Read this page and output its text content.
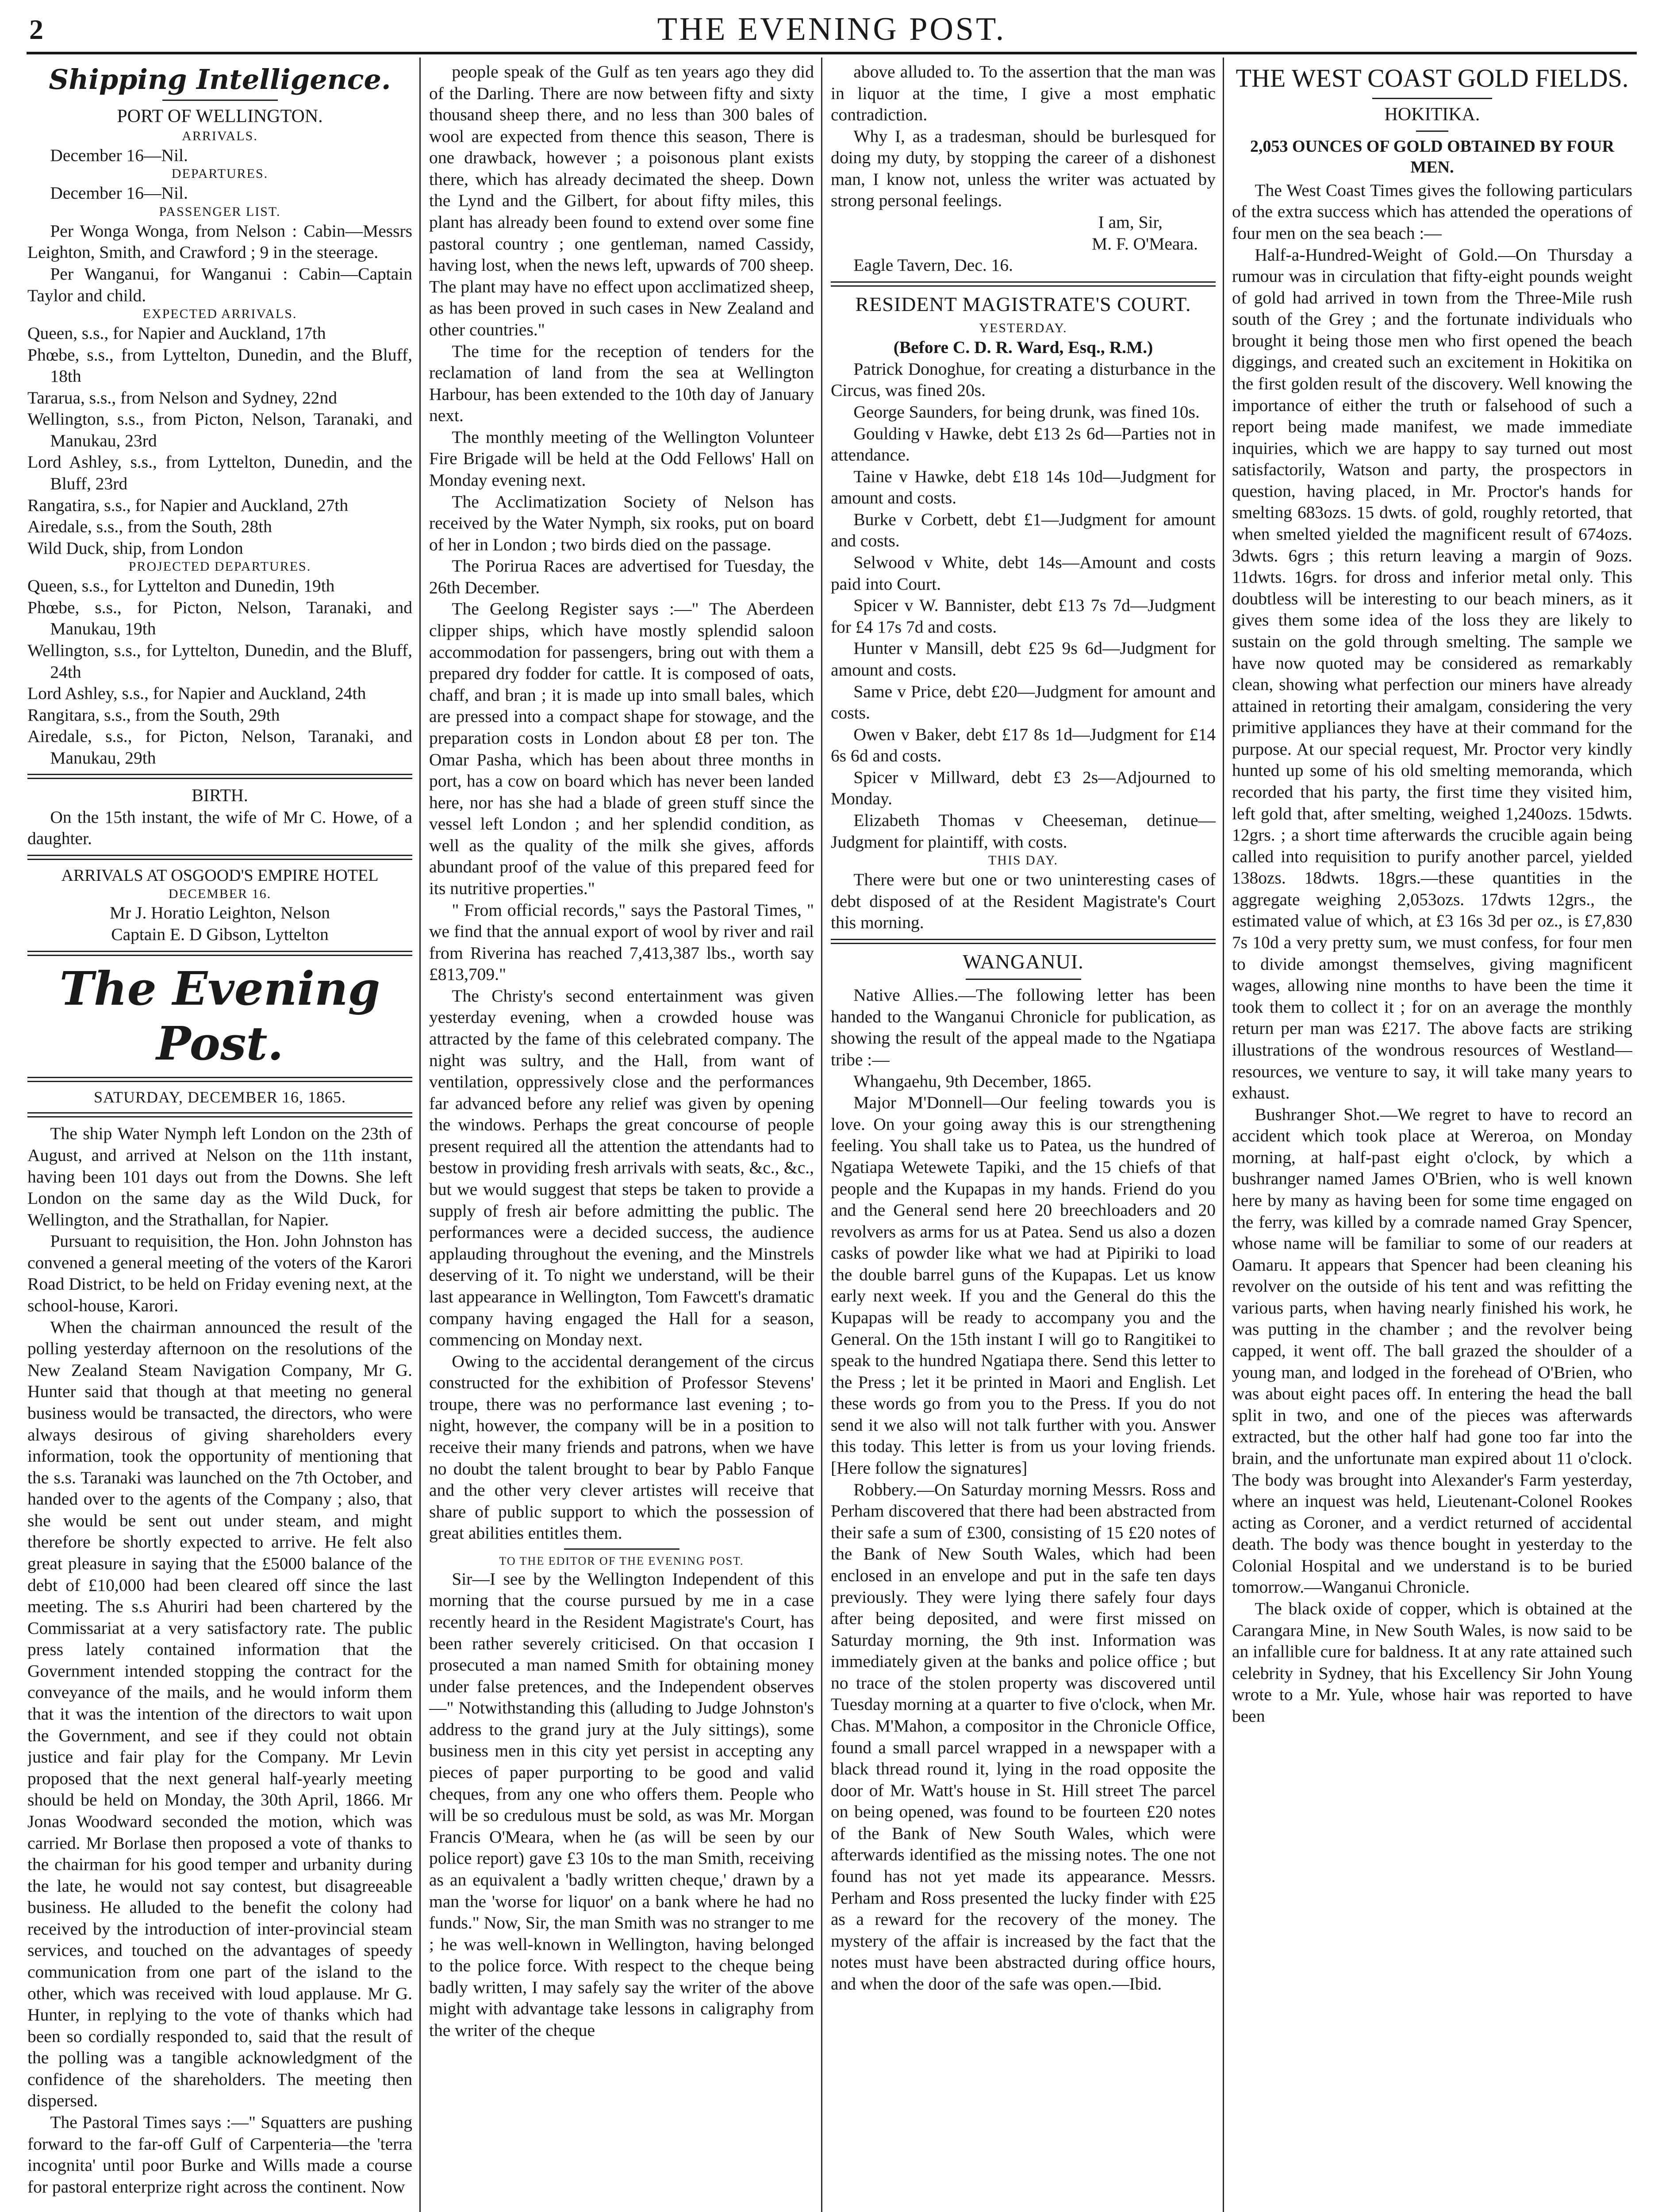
2	THE EVENING POST.
Shipping Intelligence.
PORT OF WELLINGTON.
ARRIVALS.

December 16—Nil.

DEPARTURES.

December 16—Nil.

PASSENGER LIST.

Per Wonga Wonga, from Nelson : Cabin—Messrs Leighton, Smith, and Crawford ; 9 in the steerage.

Per Wanganui, for Wanganui : Cabin—Captain Taylor and child.

EXPECTED ARRIVALS.

Queen, s.s., for Napier and Auckland, 17th

Phœbe, s.s., from Lyttelton, Dunedin, and the Bluff, 18th

Tararua, s.s., from Nelson and Sydney, 22nd

Wellington, s.s., from Picton, Nelson, Taranaki, and Manukau, 23rd

Lord Ashley, s.s., from Lyttelton, Dunedin, and the Bluff, 23rd

Rangatira, s.s., for Napier and Auckland, 27th

Airedale, s.s., from the South, 28th

Wild Duck, ship, from London

PROJECTED DEPARTURES.

Queen, s.s., for Lyttelton and Dunedin, 19th

Phœbe, s.s., for Picton, Nelson, Taranaki, and Manukau, 19th

Wellington, s.s., for Lyttelton, Dunedin, and the Bluff, 24th

Lord Ashley, s.s., for Napier and Auckland, 24th

Rangitara, s.s., from the South, 29th

Airedale, s.s., for Picton, Nelson, Taranaki, and Manukau, 29th

BIRTH.

On the 15th instant, the wife of Mr C. Howe, of a daughter.

ARRIVALS AT OSGOOD'S EMPIRE HOTEL
DECEMBER 16.

Mr J. Horatio Leighton, Nelson

Captain E. D Gibson, Lyttelton

The Evening Post.
SATURDAY, DECEMBER 16, 1865.

The ship Water Nymph left London on the 23th of August, and arrived at Nelson on the 11th instant, having been 101 days out from the Downs. She left London on the same day as the Wild Duck, for Wellington, and the Strathallan, for Napier.

Pursuant to requisition, the Hon. John Johnston has convened a general meeting of the voters of the Karori Road District, to be held on Friday evening next, at the school-house, Karori.

When the chairman announced the result of the polling yesterday afternoon on the resolutions of the New Zealand Steam Navigation Company, Mr G. Hunter said that though at that meeting no general business would be transacted, the directors, who were always desirous of giving shareholders every information, took the opportunity of mentioning that the s.s. Taranaki was launched on the 7th October, and handed over to the agents of the Company ; also, that she would be sent out under steam, and might therefore be shortly expected to arrive. He felt also great pleasure in saying that the £5000 balance of the debt of £10,000 had been cleared off since the last meeting. The s.s Ahuriri had been chartered by the Commissariat at a very satisfactory rate. The public press lately contained information that the Government intended stopping the contract for the conveyance of the mails, and he would inform them that it was the intention of the directors to wait upon the Government, and see if they could not obtain justice and fair play for the Company. Mr Levin proposed that the next general half-yearly meeting should be held on Monday, the 30th April, 1866. Mr Jonas Woodward seconded the motion, which was carried. Mr Borlase then proposed a vote of thanks to the chairman for his good temper and urbanity during the late, he would not say contest, but disagreeable business. He alluded to the benefit the colony had received by the introduction of inter-provincial steam services, and touched on the advantages of speedy communication from one part of the island to the other, which was received with loud applause. Mr G. Hunter, in replying to the vote of thanks which had been so cordially responded to, said that the result of the polling was a tangible acknowledgment of the confidence of the shareholders. The meeting then dispersed.

The Pastoral Times says :—" Squatters are pushing forward to the far-off Gulf of Carpenteria—the 'terra incognita' until poor Burke and Wills made a course for pastoral enterprize right across the continent. Now

people speak of the Gulf as ten years ago they did of the Darling. There are now between fifty and sixty thousand sheep there, and no less than 300 bales of wool are expected from thence this season, There is one drawback, however ; a poisonous plant exists there, which has already decimated the sheep. Down the Lynd and the Gilbert, for about fifty miles, this plant has already been found to extend over some fine pastoral country ; one gentleman, named Cassidy, having lost, when the news left, upwards of 700 sheep. The plant may have no effect upon acclimatized sheep, as has been proved in such cases in New Zealand and other countries."

The time for the reception of tenders for the reclamation of land from the sea at Wellington Harbour, has been extended to the 10th day of January next.

The monthly meeting of the Wellington Volunteer Fire Brigade will be held at the Odd Fellows' Hall on Monday evening next.

The Acclimatization Society of Nelson has received by the Water Nymph, six rooks, put on board of her in London ; two birds died on the passage.

The Porirua Races are advertised for Tuesday, the 26th December.

The Geelong Register says :—" The Aberdeen clipper ships, which have mostly splendid saloon accommodation for passengers, bring out with them a prepared dry fodder for cattle. It is composed of oats, chaff, and bran ; it is made up into small bales, which are pressed into a compact shape for stowage, and the preparation costs in London about £8 per ton. The Omar Pasha, which has been about three months in port, has a cow on board which has never been landed here, nor has she had a blade of green stuff since the vessel left London ; and her splendid condition, as well as the quality of the milk she gives, affords abundant proof of the value of this prepared feed for its nutritive properties."

" From official records," says the Pastoral Times, " we find that the annual export of wool by river and rail from Riverina has reached 7,413,387 lbs., worth say £813,709."

The Christy's second entertainment was given yesterday evening, when a crowded house was attracted by the fame of this celebrated company. The night was sultry, and the Hall, from want of ventilation, oppressively close and the performances far advanced before any relief was given by opening the windows. Perhaps the great concourse of people present required all the attention the attendants had to bestow in providing fresh arrivals with seats, &c., &c., but we would suggest that steps be taken to provide a supply of fresh air before admitting the public. The performances were a decided success, the audience applauding throughout the evening, and the Minstrels deserving of it. To night we understand, will be their last appearance in Wellington, Tom Fawcett's dramatic company having engaged the Hall for a season, commencing on Monday next.

Owing to the accidental derangement of the circus constructed for the exhibition of Professor Stevens' troupe, there was no performance last evening ; to-night, however, the company will be in a position to receive their many friends and patrons, when we have no doubt the talent brought to bear by Pablo Fanque and the other very clever artistes will receive that share of public support to which the possession of great abilities entitles them.

TO THE EDITOR OF THE EVENING POST.

Sir—I see by the Wellington Independent of this morning that the course pursued by me in a case recently heard in the Resident Magistrate's Court, has been rather severely criticised. On that occasion I prosecuted a man named Smith for obtaining money under false pretences, and the Independent observes —" Notwithstanding this (alluding to Judge Johnston's address to the grand jury at the July sittings), some business men in this city yet persist in accepting any pieces of paper purporting to be good and valid cheques, from any one who offers them. People who will be so credulous must be sold, as was Mr. Morgan Francis O'Meara, when he (as will be seen by our police report) gave £3 10s to the man Smith, receiving as an equivalent a 'badly written cheque,' drawn by a man the 'worse for liquor' on a bank where he had no funds." Now, Sir, the man Smith was no stranger to me ; he was well-known in Wellington, having belonged to the police force. With respect to the cheque being badly written, I may safely say the writer of the above might with advantage take lessons in caligraphy from the writer of the cheque

above alluded to. To the assertion that the man was in liquor at the time, I give a most emphatic contradiction.

Why I, as a tradesman, should be burlesqued for doing my duty, by stopping the career of a dishonest man, I know not, unless the writer was actuated by strong personal feelings.

I am, Sir,
M. F. O'Meara.

Eagle Tavern, Dec. 16.

RESIDENT MAGISTRATE'S COURT.
YESTERDAY.
(Before C. D. R. Ward, Esq., R.M.)

Patrick Donoghue, for creating a disturbance in the Circus, was fined 20s.

George Saunders, for being drunk, was fined 10s.

Goulding v Hawke, debt £13 2s 6d—Parties not in attendance.

Taine v Hawke, debt £18 14s 10d—Judgment for amount and costs.

Burke v Corbett, debt £1—Judgment for amount and costs.

Selwood v White, debt 14s—Amount and costs paid into Court.

Spicer v W. Bannister, debt £13 7s 7d—Judgment for £4 17s 7d and costs.

Hunter v Mansill, debt £25 9s 6d—Judgment for amount and costs.

Same v Price, debt £20—Judgment for amount and costs.

Owen v Baker, debt £17 8s 1d—Judgment for £14 6s 6d and costs.

Spicer v Millward, debt £3 2s—Adjourned to Monday.

Elizabeth Thomas v Cheeseman, detinue—Judgment for plaintiff, with costs.

THIS DAY.

There were but one or two uninteresting cases of debt disposed of at the Resident Magistrate's Court this morning.

WANGANUI.

Native Allies.—The following letter has been handed to the Wanganui Chronicle for publication, as showing the result of the appeal made to the Ngatiapa tribe :—

Whangaehu, 9th December, 1865.

Major M'Donnell—Our feeling towards you is love. On your going away this is our strengthening feeling. You shall take us to Patea, us the hundred of Ngatiapa Wetewete Tapiki, and the 15 chiefs of that people and the Kupapas in my hands. Friend do you and the General send here 20 breechloaders and 20 revolvers as arms for us at Patea. Send us also a dozen casks of powder like what we had at Pipiriki to load the double barrel guns of the Kupapas. Let us know early next week. If you and the General do this the Kupapas will be ready to accompany you and the General. On the 15th instant I will go to Rangitikei to speak to the hundred Ngatiapa there. Send this letter to the Press ; let it be printed in Maori and English. Let these words go from you to the Press. If you do not send it we also will not talk further with you. Answer this today. This letter is from us your loving friends. [Here follow the signatures]

Robbery.—On Saturday morning Messrs. Ross and Perham discovered that there had been abstracted from their safe a sum of £300, consisting of 15 £20 notes of the Bank of New South Wales, which had been enclosed in an envelope and put in the safe ten days previously. They were lying there safely four days after being deposited, and were first missed on Saturday morning, the 9th inst. Information was immediately given at the banks and police office ; but no trace of the stolen property was discovered until Tuesday morning at a quarter to five o'clock, when Mr. Chas. M'Mahon, a compositor in the Chronicle Office, found a small parcel wrapped in a newspaper with a black thread round it, lying in the road opposite the door of Mr. Watt's house in St. Hill street The parcel on being opened, was found to be fourteen £20 notes of the Bank of New South Wales, which were afterwards identified as the missing notes. The one not found has not yet made its appearance. Messrs. Perham and Ross presented the lucky finder with £25 as a reward for the recovery of the money. The mystery of the affair is increased by the fact that the notes must have been abstracted during office hours, and when the door of the safe was open.—Ibid.

THE WEST COAST GOLD FIELDS.
HOKITIKA.
2,053 OUNCES OF GOLD OBTAINED BY FOUR MEN.

The West Coast Times gives the following particulars of the extra success which has attended the operations of four men on the sea beach :—

Half-a-Hundred-Weight of Gold.—On Thursday a rumour was in circulation that fifty-eight pounds weight of gold had arrived in town from the Three-Mile rush south of the Grey ; and the fortunate individuals who brought it being those men who first opened the beach diggings, and created such an excitement in Hokitika on the first golden result of the discovery. Well knowing the importance of either the truth or falsehood of such a report being made manifest, we made immediate inquiries, which we are happy to say turned out most satisfactorily, Watson and party, the prospectors in question, having placed, in Mr. Proctor's hands for smelting 683ozs. 15 dwts. of gold, roughly retorted, that when smelted yielded the magnificent result of 674ozs. 3dwts. 6grs ; this return leaving a margin of 9ozs. 11dwts. 16grs. for dross and inferior metal only. This doubtless will be interesting to our beach miners, as it gives them some idea of the loss they are likely to sustain on the gold through smelting. The sample we have now quoted may be considered as remarkably clean, showing what perfection our miners have already attained in retorting their amalgam, considering the very primitive appliances they have at their command for the purpose. At our special request, Mr. Proctor very kindly hunted up some of his old smelting memoranda, which recorded that his party, the first time they visited him, left gold that, after smelting, weighed 1,240ozs. 15dwts. 12grs. ; a short time afterwards the crucible again being called into requisition to purify another parcel, yielded 138ozs. 18dwts. 18grs.—these quantities in the aggregate weighing 2,053ozs. 17dwts 12grs., the estimated value of which, at £3 16s 3d per oz., is £7,830 7s 10d a very pretty sum, we must confess, for four men to divide amongst themselves, giving magnificent wages, allowing nine months to have been the time it took them to collect it ; for on an average the monthly return per man was £217. The above facts are striking illustrations of the wondrous resources of Westland—resources, we venture to say, it will take many years to exhaust.

Bushranger Shot.—We regret to have to record an accident which took place at Wereroa, on Monday morning, at half-past eight o'clock, by which a bushranger named James O'Brien, who is well known here by many as having been for some time engaged on the ferry, was killed by a comrade named Gray Spencer, whose name will be familiar to some of our readers at Oamaru. It appears that Spencer had been cleaning his revolver on the outside of his tent and was refitting the various parts, when having nearly finished his work, he was putting in the chamber ; and the revolver being capped, it went off. The ball grazed the shoulder of a young man, and lodged in the forehead of O'Brien, who was about eight paces off. In entering the head the ball split in two, and one of the pieces was afterwards extracted, but the other half had gone too far into the brain, and the unfortunate man expired about 11 o'clock. The body was brought into Alexander's Farm yesterday, where an inquest was held, Lieutenant-Colonel Rookes acting as Coroner, and a verdict returned of accidental death. The body was thence bought in yesterday to the Colonial Hospital and we understand is to be buried tomorrow.—Wanganui Chronicle.

The black oxide of copper, which is obtained at the Carangara Mine, in New South Wales, is now said to be an infallible cure for baldness. It at any rate attained such celebrity in Sydney, that his Excellency Sir John Young wrote to a Mr. Yule, whose hair was reported to have been
